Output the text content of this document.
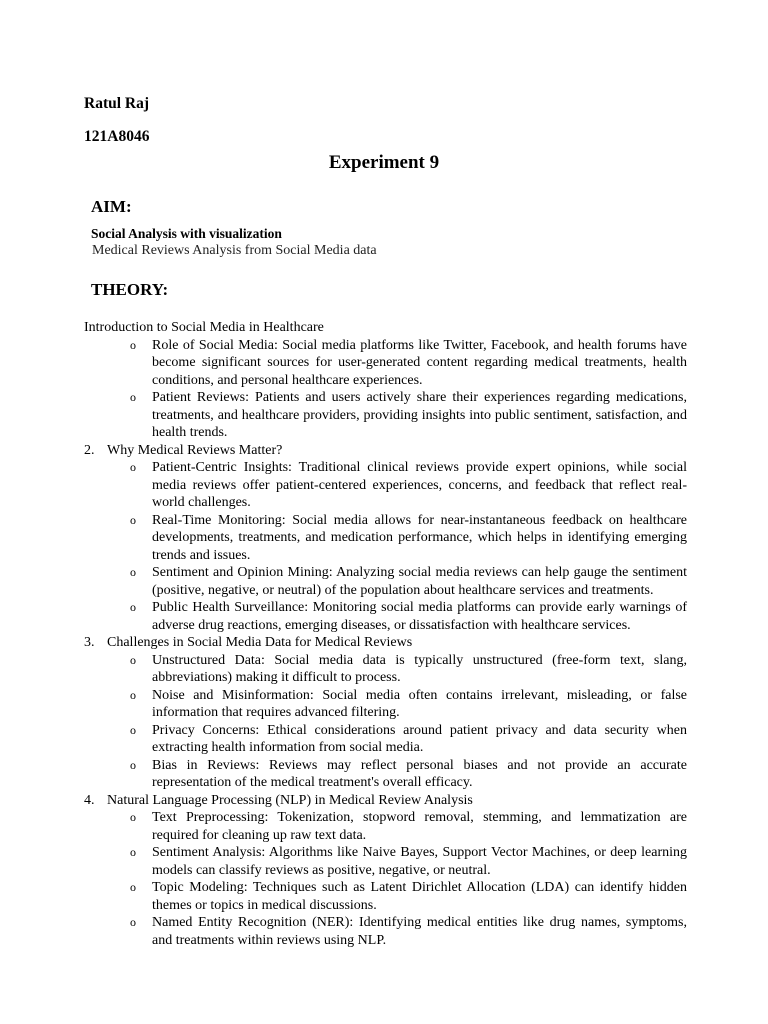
Ratul Raj
121A8046
Experiment 9
AIM:
Social Analysis with visualization
Medical Reviews Analysis from Social Media data
THEORY:
Introduction to Social Media in Healthcare
o Role of Social Media: Social media platforms like Twitter, Facebook, and health forums have become significant sources for user-generated content regarding medical treatments, health conditions, and personal healthcare experiences.
o Patient Reviews: Patients and users actively share their experiences regarding medications, treatments, and healthcare providers, providing insights into public sentiment, satisfaction, and health trends.
2. Why Medical Reviews Matter?
o Patient-Centric Insights: Traditional clinical reviews provide expert opinions, while social media reviews offer patient-centered experiences, concerns, and feedback that reflect real-world challenges.
o Real-Time Monitoring: Social media allows for near-instantaneous feedback on healthcare developments, treatments, and medication performance, which helps in identifying emerging trends and issues.
o Sentiment and Opinion Mining: Analyzing social media reviews can help gauge the sentiment (positive, negative, or neutral) of the population about healthcare services and treatments.
o Public Health Surveillance: Monitoring social media platforms can provide early warnings of adverse drug reactions, emerging diseases, or dissatisfaction with healthcare services.
3. Challenges in Social Media Data for Medical Reviews
o Unstructured Data: Social media data is typically unstructured (free-form text, slang, abbreviations) making it difficult to process.
o Noise and Misinformation: Social media often contains irrelevant, misleading, or false information that requires advanced filtering.
o Privacy Concerns: Ethical considerations around patient privacy and data security when extracting health information from social media.
o Bias in Reviews: Reviews may reflect personal biases and not provide an accurate representation of the medical treatment's overall efficacy.
4. Natural Language Processing (NLP) in Medical Review Analysis
o Text Preprocessing: Tokenization, stopword removal, stemming, and lemmatization are required for cleaning up raw text data.
o Sentiment Analysis: Algorithms like Naive Bayes, Support Vector Machines, or deep learning models can classify reviews as positive, negative, or neutral.
o Topic Modeling: Techniques such as Latent Dirichlet Allocation (LDA) can identify hidden themes or topics in medical discussions.
o Named Entity Recognition (NER): Identifying medical entities like drug names, symptoms, and treatments within reviews using NLP.
